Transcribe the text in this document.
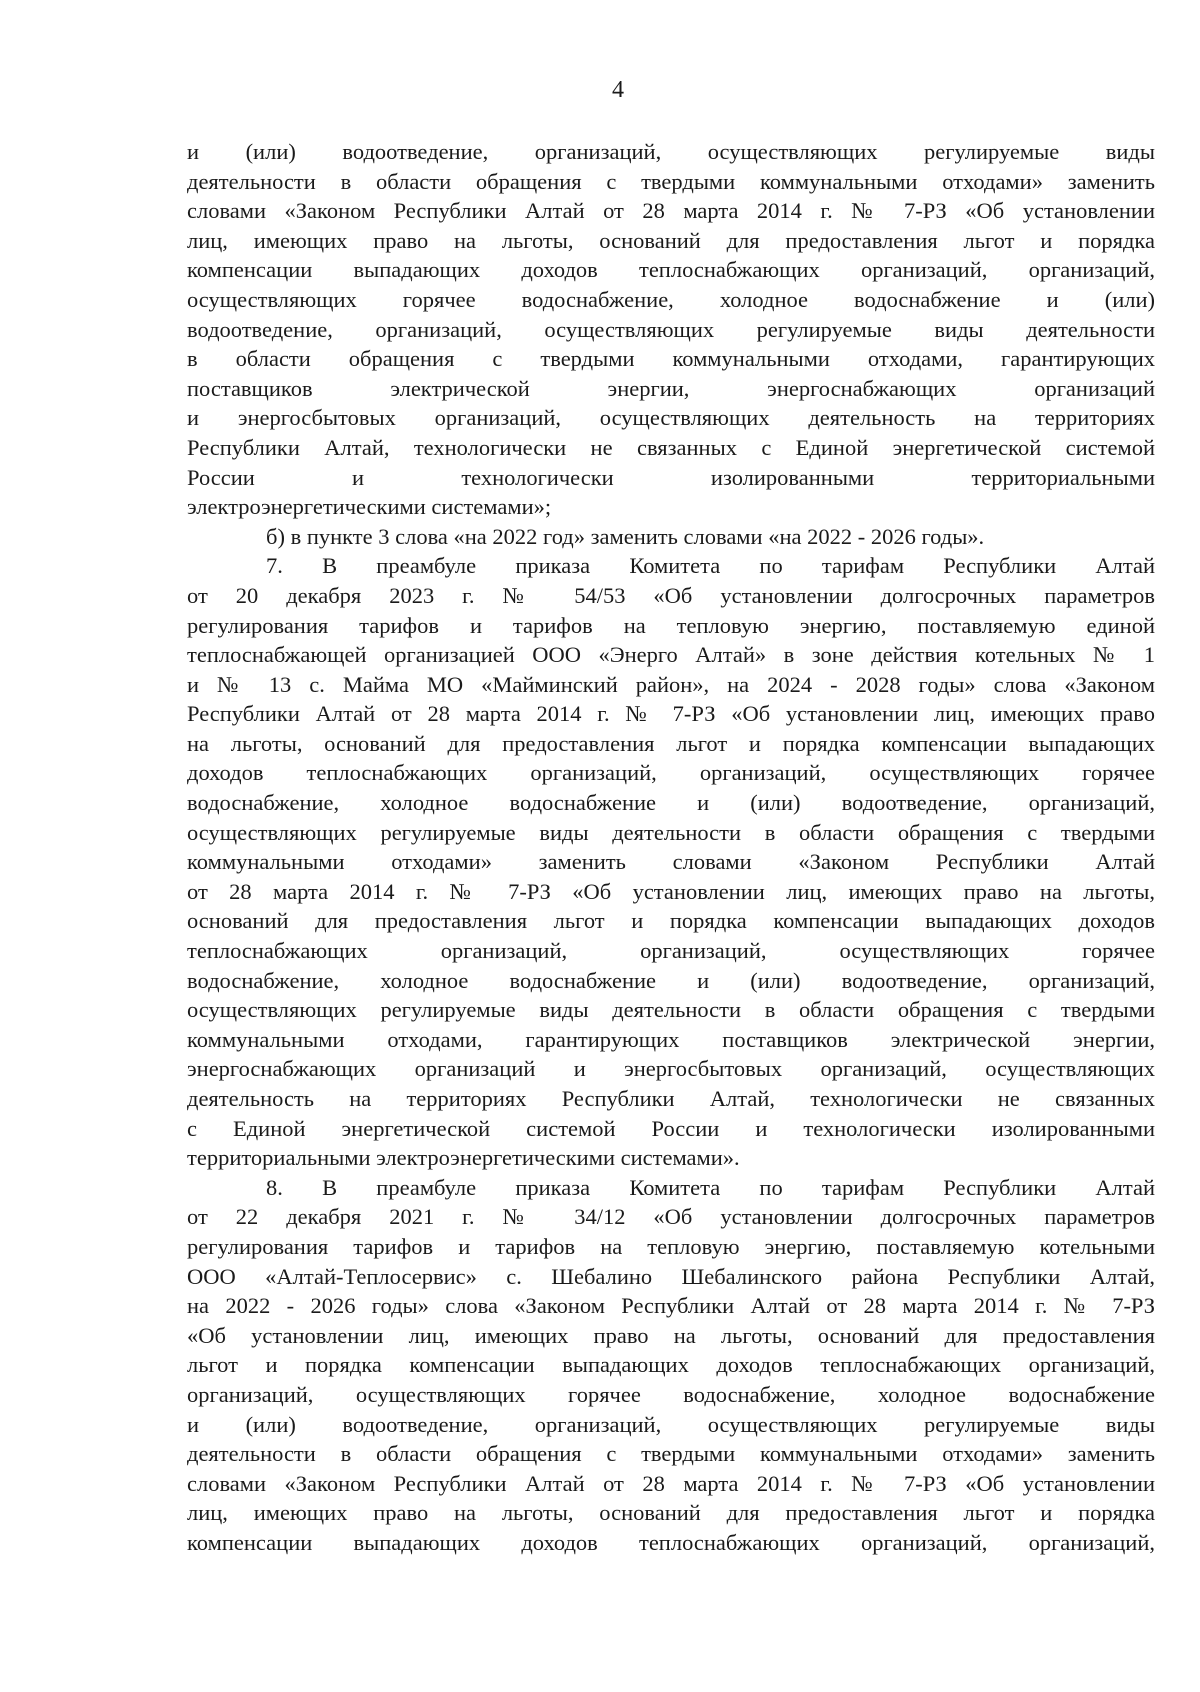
4
и (или) водоотведение, организаций, осуществляющих регулируемые виды
деятельности в области обращения с твердыми коммунальными отходами» заменить
словами «Законом Республики Алтай от 28 марта 2014 г. № 7-РЗ «Об установлении
лиц, имеющих право на льготы, оснований для предоставления льгот и порядка
компенсации выпадающих доходов теплоснабжающих организаций, организаций,
осуществляющих горячее водоснабжение, холодное водоснабжение и (или)
водоотведение, организаций, осуществляющих регулируемые виды деятельности
в области обращения с твердыми коммунальными отходами, гарантирующих
поставщиков электрической энергии, энергоснабжающих организаций
и энергосбытовых организаций, осуществляющих деятельность на территориях
Республики Алтай, технологически не связанных с Единой энергетической системой
России и технологически изолированными территориальными
электроэнергетическими системами»;
б) в пункте 3 слова «на 2022 год» заменить словами «на 2022 - 2026 годы».
7. В преамбуле приказа Комитета по тарифам Республики Алтай
от 20 декабря 2023 г. № 54/53 «Об установлении долгосрочных параметров
регулирования тарифов и тарифов на тепловую энергию, поставляемую единой
теплоснабжающей организацией ООО «Энерго Алтай» в зоне действия котельных № 1
и № 13 с. Майма МО «Майминский район», на 2024 - 2028 годы» слова «Законом
Республики Алтай от 28 марта 2014 г. № 7-РЗ «Об установлении лиц, имеющих право
на льготы, оснований для предоставления льгот и порядка компенсации выпадающих
доходов теплоснабжающих организаций, организаций, осуществляющих горячее
водоснабжение, холодное водоснабжение и (или) водоотведение, организаций,
осуществляющих регулируемые виды деятельности в области обращения с твердыми
коммунальными отходами» заменить словами «Законом Республики Алтай
от 28 марта 2014 г. № 7-РЗ «Об установлении лиц, имеющих право на льготы,
оснований для предоставления льгот и порядка компенсации выпадающих доходов
теплоснабжающих организаций, организаций, осуществляющих горячее
водоснабжение, холодное водоснабжение и (или) водоотведение, организаций,
осуществляющих регулируемые виды деятельности в области обращения с твердыми
коммунальными отходами, гарантирующих поставщиков электрической энергии,
энергоснабжающих организаций и энергосбытовых организаций, осуществляющих
деятельность на территориях Республики Алтай, технологически не связанных
с Единой энергетической системой России и технологически изолированными
территориальными электроэнергетическими системами».
8. В преамбуле приказа Комитета по тарифам Республики Алтай
от 22 декабря 2021 г. № 34/12 «Об установлении долгосрочных параметров
регулирования тарифов и тарифов на тепловую энергию, поставляемую котельными
ООО «Алтай-Теплосервис» с. Шебалино Шебалинского района Республики Алтай,
на 2022 - 2026 годы» слова «Законом Республики Алтай от 28 марта 2014 г. № 7-РЗ
«Об установлении лиц, имеющих право на льготы, оснований для предоставления
льгот и порядка компенсации выпадающих доходов теплоснабжающих организаций,
организаций, осуществляющих горячее водоснабжение, холодное водоснабжение
и (или) водоотведение, организаций, осуществляющих регулируемые виды
деятельности в области обращения с твердыми коммунальными отходами» заменить
словами «Законом Республики Алтай от 28 марта 2014 г. № 7-РЗ «Об установлении
лиц, имеющих право на льготы, оснований для предоставления льгот и порядка
компенсации выпадающих доходов теплоснабжающих организаций, организаций,
